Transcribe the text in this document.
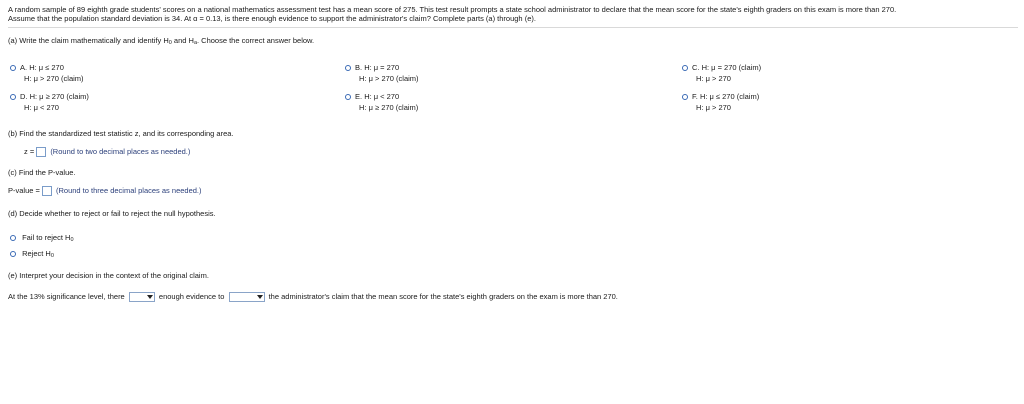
A random sample of 89 eighth grade students' scores on a national mathematics assessment test has a mean score of 275. This test result prompts a state school administrator to declare that the mean score for the state's eighth graders on this exam is more than 270.
Assume that the population standard deviation is 34. At α = 0.13, is there enough evidence to support the administrator's claim? Complete parts (a) through (e).
(a) Write the claim mathematically and identify $H_0$ and $H_a$. Choose the correct answer below.
A. H: μ ≤ 270
H: μ > 270 (claim)
B. H: μ = 270
H: μ > 270 (claim)
C. H: μ = 270 (claim)
H: μ > 270
D. H: μ ≥ 270 (claim)
H: μ < 270
E. H: μ < 270
H: μ ≥ 270 (claim)
F. H: μ ≤ 270 (claim)
H: μ > 270
(b) Find the standardized test statistic z, and its corresponding area.
z = (Round to two decimal places as needed.)
(c) Find the P-value.
P-value = (Round to three decimal places as needed.)
(d) Decide whether to reject or fail to reject the null hypothesis.
Fail to reject $H_0$
Reject $H_0$
(e) Interpret your decision in the context of the original claim.
At the 13% significance level, there	enough evidence to	the administrator's claim that the mean score for the state's eighth graders on the exam is more than 270.
